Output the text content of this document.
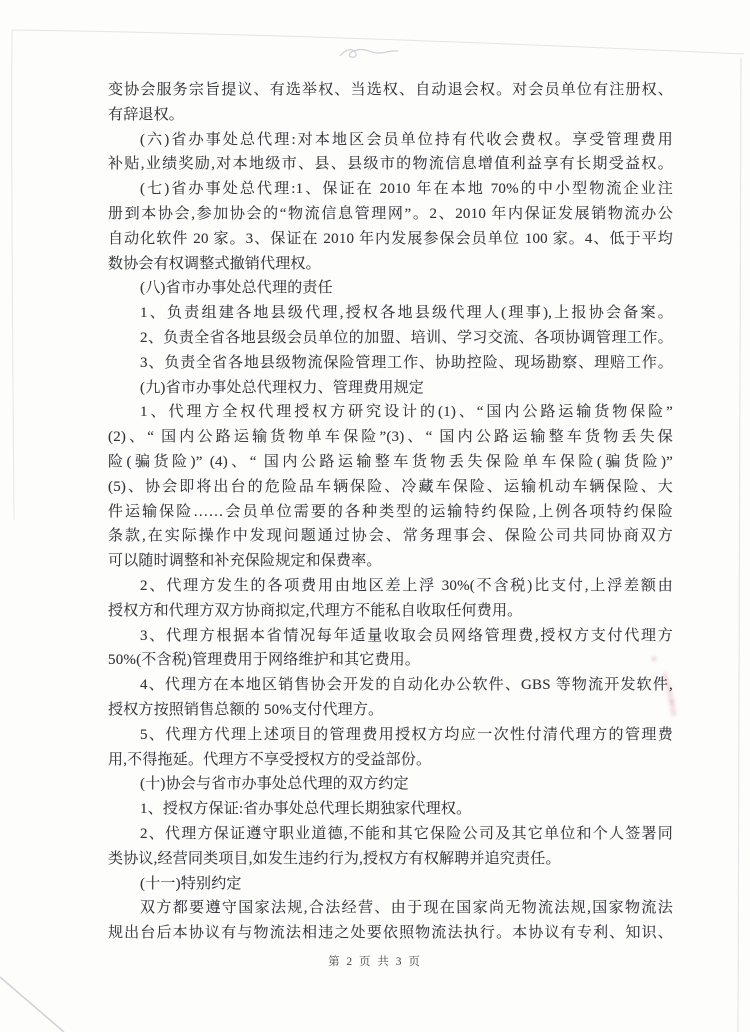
变协会服务宗旨提议、有选举权、当选权、自动退会权。对会员单位有注册权、
有辞退权。
(六)省办事处总代理:对本地区会员单位持有代收会费权。享受管理费用
补贴,业绩奖励,对本地级市、县、县级市的物流信息增值利益享有长期受益权。
(七)省办事处总代理:1、保证在 2010 年在本地 70%的中小型物流企业注
册到本协会,参加协会的“物流信息管理网”。2、2010 年内保证发展销物流办公
自动化软件 20 家。3、保证在 2010 年内发展参保会员单位 100 家。4、低于平均
数协会有权调整式撤销代理权。
(八)省市办事处总代理的责任
1、负责组建各地县级代理,授权各地县级代理人(理事),上报协会备案。
2、负责全省各地县级会员单位的加盟、培训、学习交流、各项协调管理工作。
3、负责全省各地县级物流保险管理工作、协助控险、现场勘察、理赔工作。
(九)省市办事处总代理权力、管理费用规定
1、代理方全权代理授权方研究设计的(1)、“国内公路运输货物保险”
(2)、“ 国内公路运输货物单车保险”(3)、“ 国内公路运输整车货物丢失保
险(骗货险)” (4)、“ 国内公路运输整车货物丢失保险单车保险(骗货险)”
(5)、协会即将出台的危险品车辆保险、冷藏车保险、运输机动车辆保险、大
件运输保险……会员单位需要的各种类型的运输特约保险,上例各项特约保险
条款,在实际操作中发现问题通过协会、常务理事会、保险公司共同协商双方
可以随时调整和补充保险规定和保费率。
2、代理方发生的各项费用由地区差上浮 30%(不含税)比支付,上浮差额由
授权方和代理方双方协商拟定,代理方不能私自收取任何费用。
3、代理方根据本省情况每年适量收取会员网络管理费,授权方支付代理方
50%(不含税)管理费用于网络维护和其它费用。
4、代理方在本地区销售协会开发的自动化办公软件、GBS 等物流开发软件,
授权方按照销售总额的 50%支付代理方。
5、代理方代理上述项目的管理费用授权方均应一次性付清代理方的管理费
用,不得拖延。代理方不享受授权方的受益部份。
(十)协会与省市办事处总代理的双方约定
1、授权方保证:省办事处总代理长期独家代理权。
2、代理方保证遵守职业道德,不能和其它保险公司及其它单位和个人签署同
类协议,经营同类项目,如发生违约行为,授权方有权解聘并追究责任。
(十一)特别约定
双方都要遵守国家法规,合法经营、由于现在国家尚无物流法规,国家物流法
规出台后本协议有与物流法相违之处要依照物流法执行。本协议有专利、知识、
第 2 页 共 3 页
